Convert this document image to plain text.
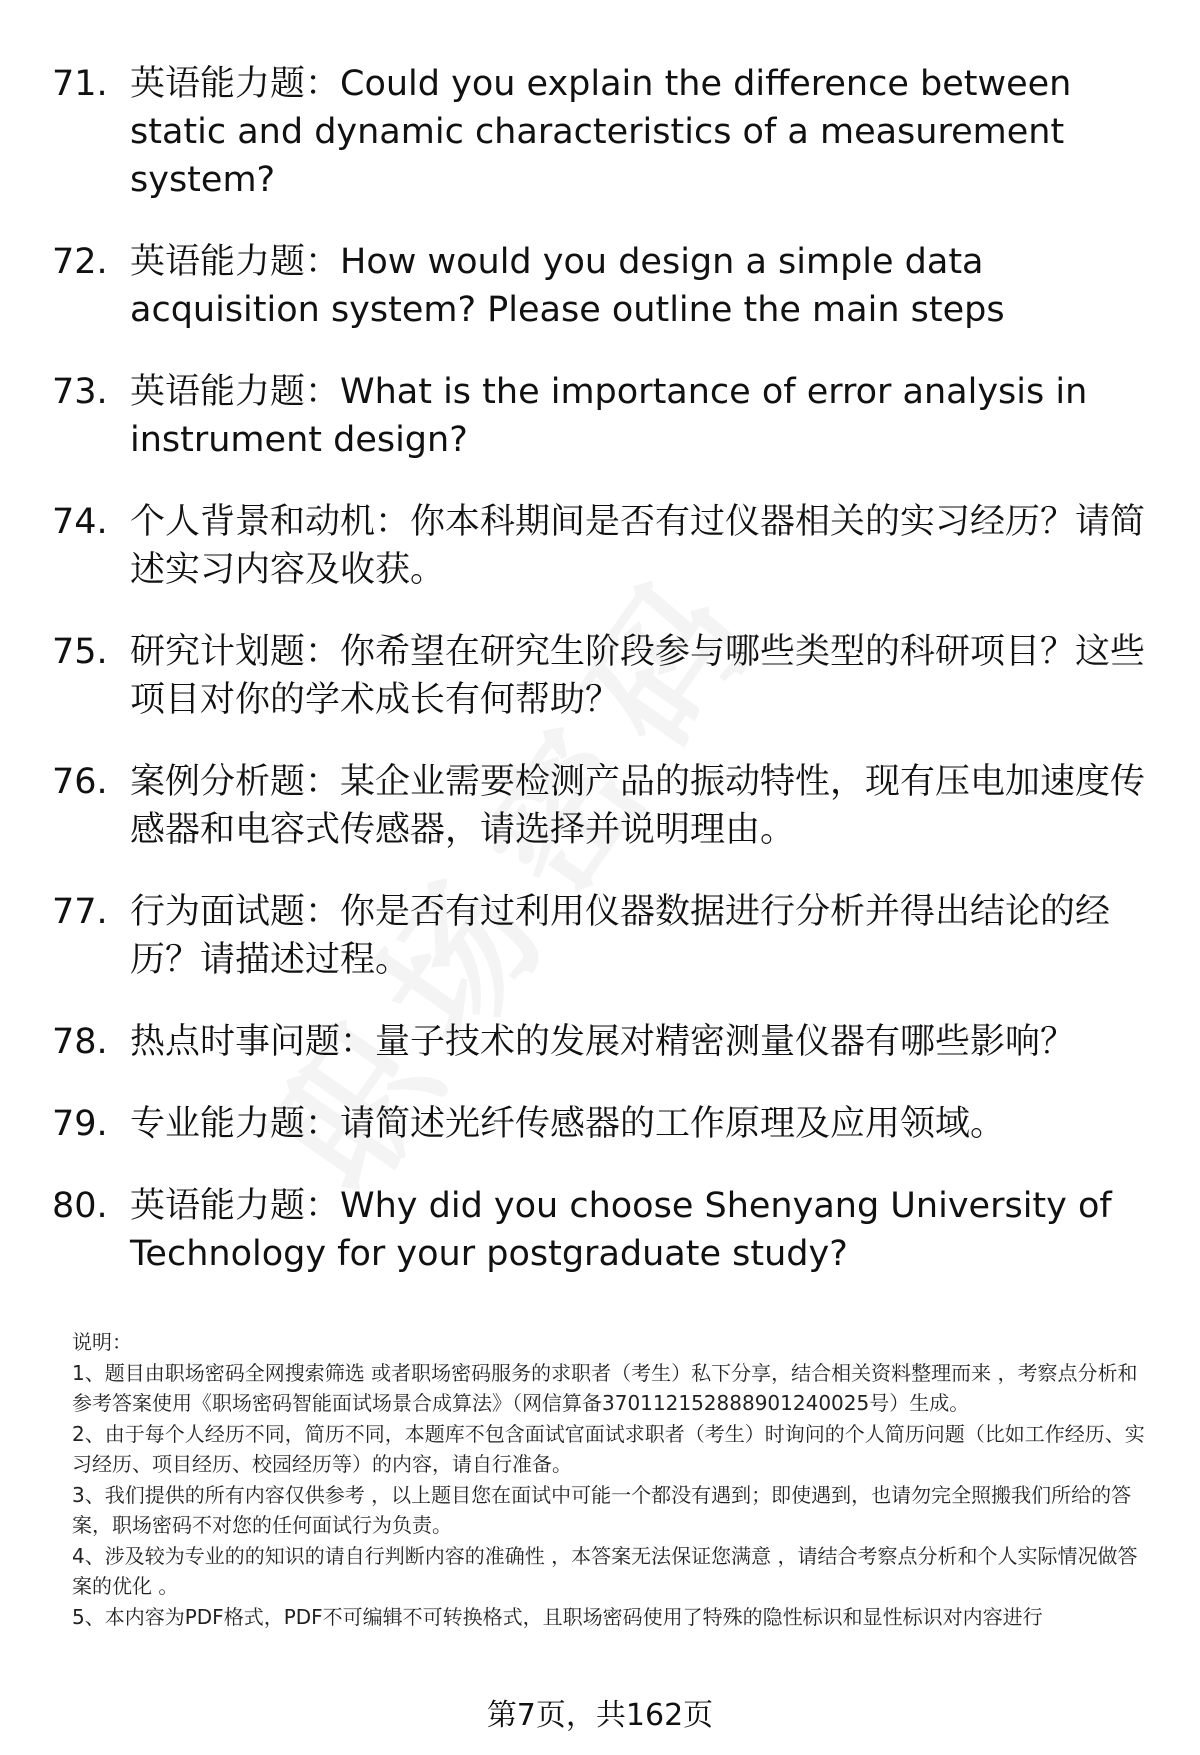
71. 英语能力题：Could you explain the difference between static and dynamic characteristics of a measurement system?
72. 英语能力题：How would you design a simple data acquisition system? Please outline the main steps
73. 英语能力题：What is the importance of error analysis in instrument design?
74. 个人背景和动机：你本科期间是否有过仪器相关的实习经历？请简述实习内容及收获。
75. 研究计划题：你希望在研究生阶段参与哪些类型的科研项目？这些项目对你的学术成长有何帮助？
76. 案例分析题：某企业需要检测产品的振动特性，现有压电加速度传感器和电容式传感器，请选择并说明理由。
77. 行为面试题：你是否有过利用仪器数据进行分析并得出结论的经历？请描述过程。
78. 热点时事问题：量子技术的发展对精密测量仪器有哪些影响？
79. 专业能力题：请简述光纤传感器的工作原理及应用领域。
80. 英语能力题：Why did you choose Shenyang University of Technology for your postgraduate study?

说明：

1、题目由职场密码全网搜索筛选 或者职场密码服务的求职者（考生）私下分享，结合相关资料整理而来 ，考察点分析和参考答案使用《职场密码智能面试场景合成算法》（网信算备370112152888901240025号）生成。

2、由于每个人经历不同，简历不同，本题库不包含面试官面试求职者（考生）时询问的个人简历问题（比如工作经历、实习经历、项目经历、校园经历等）的内容，请自行准备。

3、我们提供的所有内容仅供参考 ，以上题目您在面试中可能一个都没有遇到；即使遇到，也请勿完全照搬我们所给的答案，职场密码不对您的任何面试行为负责。

4、涉及较为专业的的知识的请自行判断内容的准确性 ，本答案无法保证您满意 ，请结合考察点分析和个人实际情况做答案的优化 。

5、本内容为PDF格式，PDF不可编辑不可转换格式，且职场密码使用了特殊的隐性标识和显性标识对内容进行

第7页，共162页
